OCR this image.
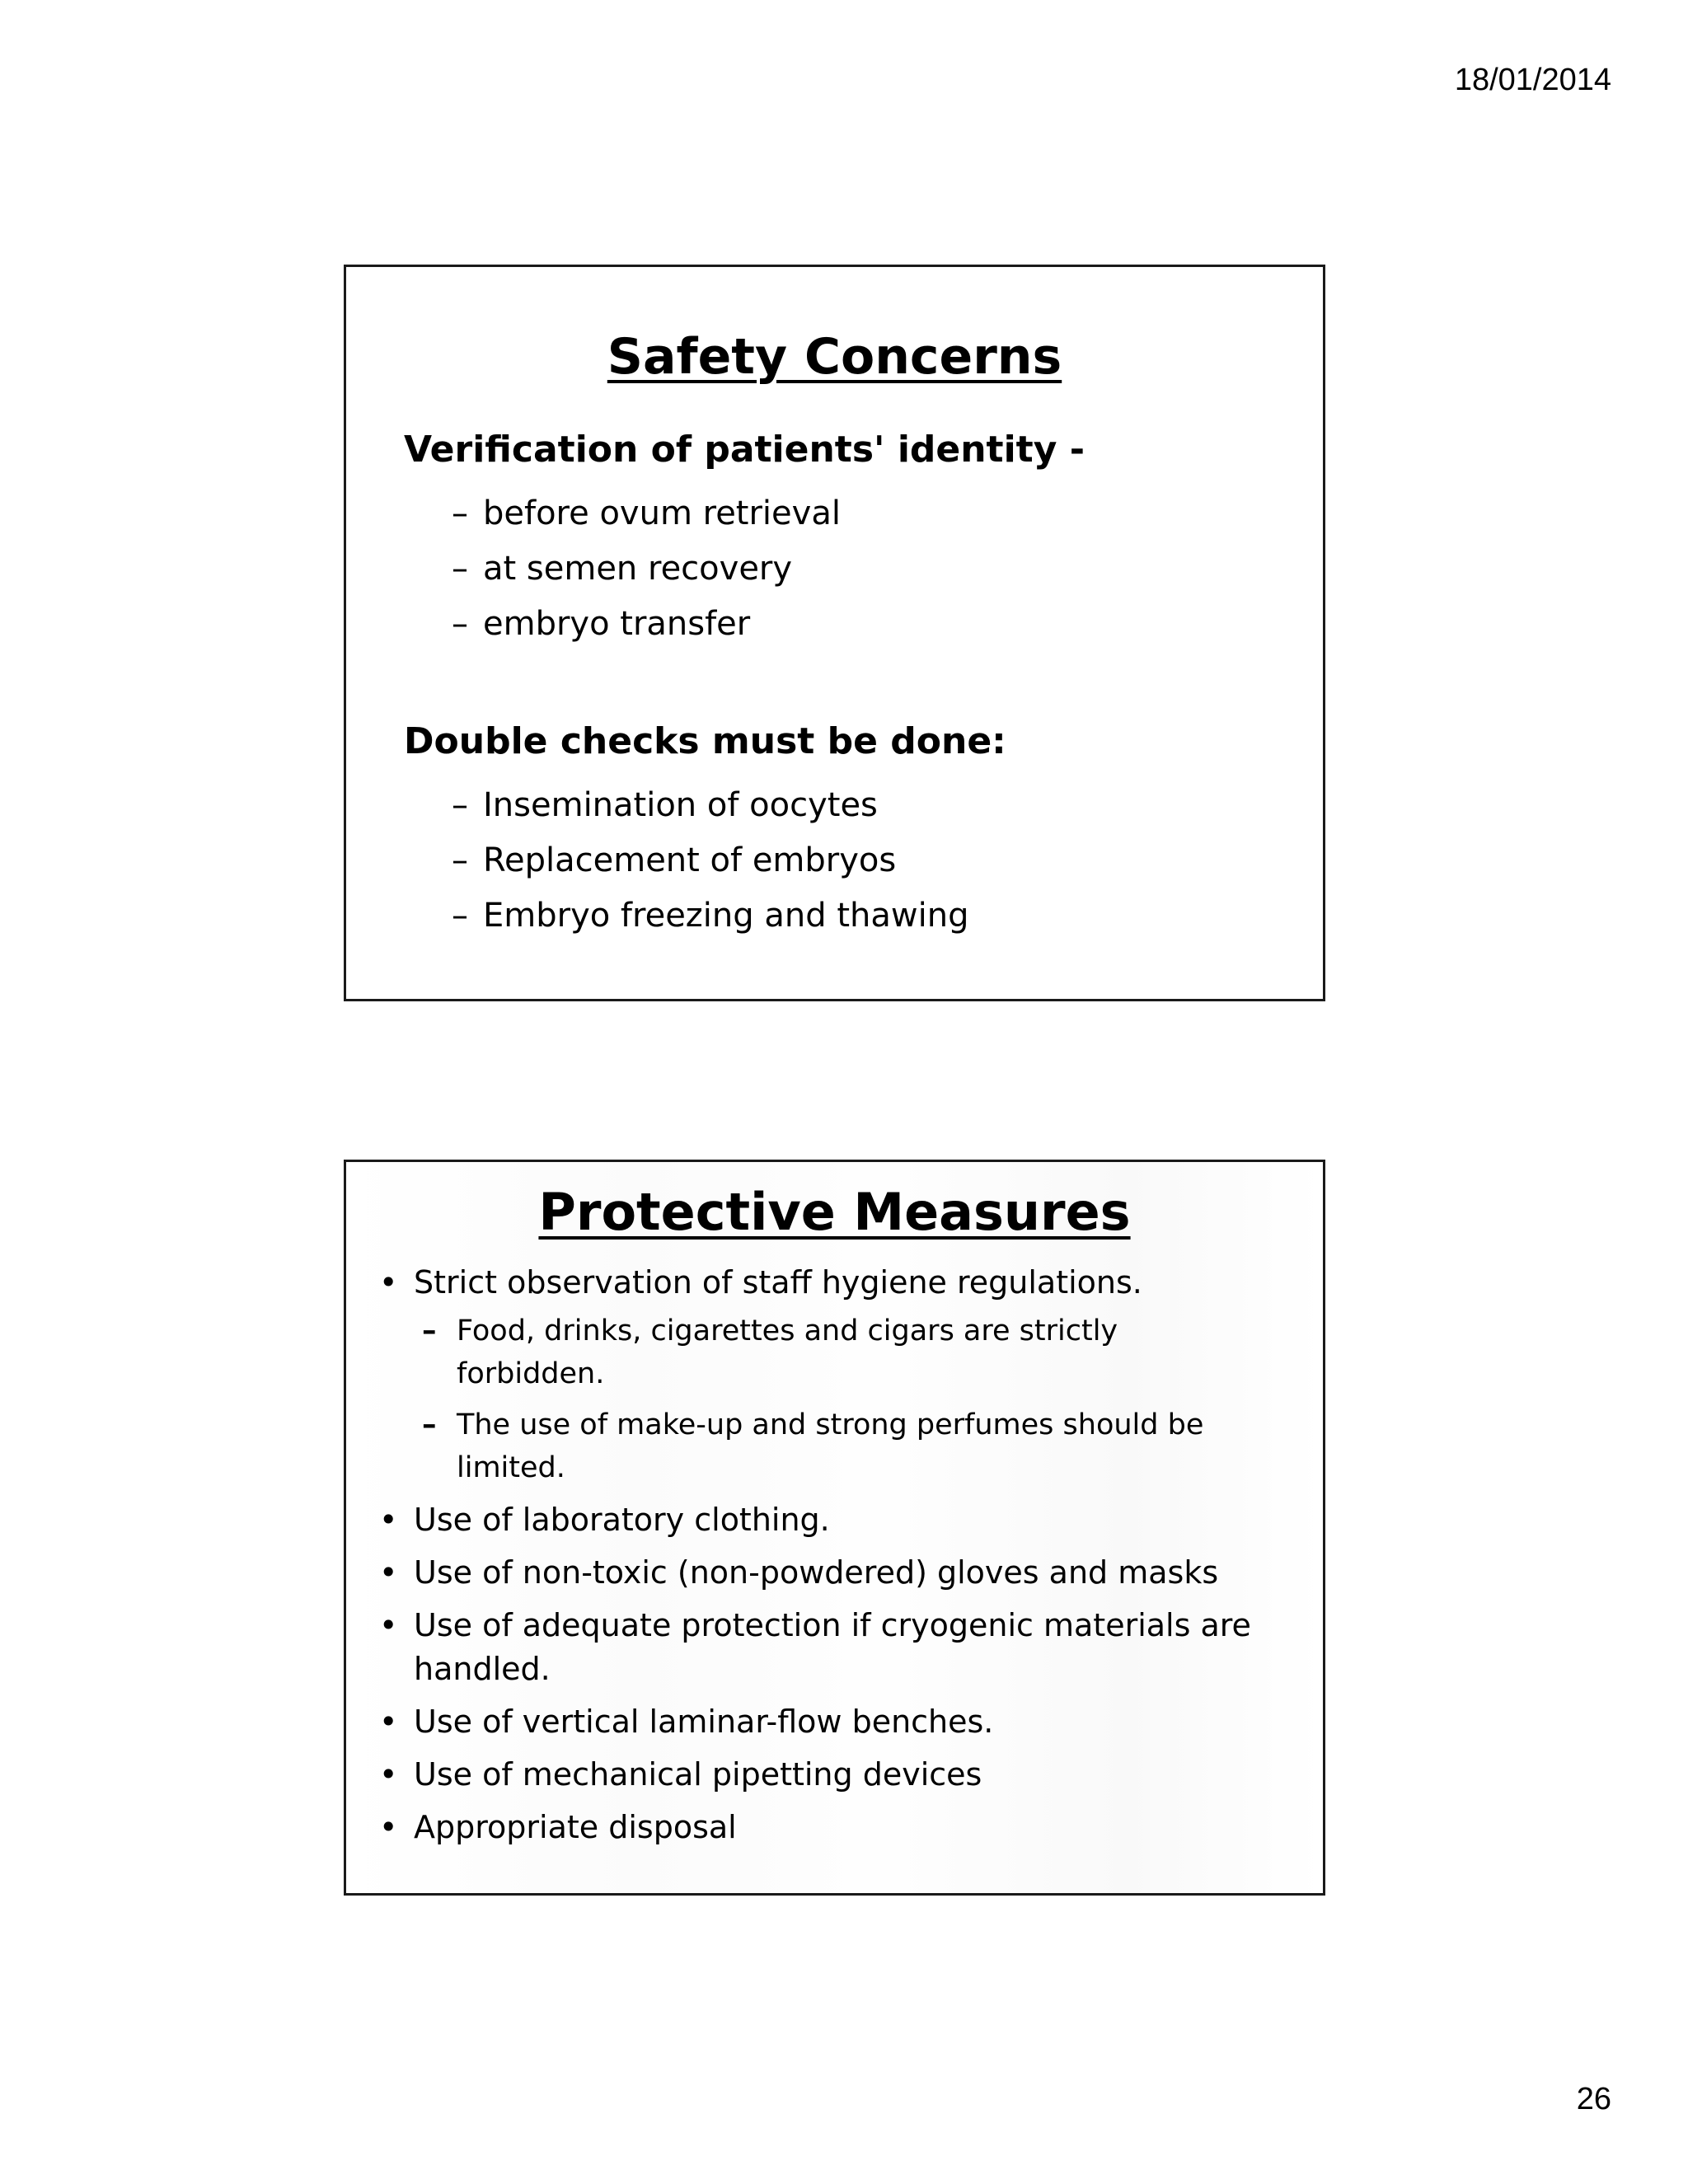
18/01/2014
Safety Concerns
Verification of patients' identity -
– before ovum retrieval
– at semen recovery
– embryo transfer
Double checks must be done:
– Insemination of oocytes
– Replacement of embryos
– Embryo freezing and thawing
Protective Measures
• Strict observation of staff hygiene regulations.
– Food, drinks, cigarettes and cigars are strictly forbidden.
– The use of make-up and strong perfumes should be limited.
• Use of laboratory clothing.
• Use of non-toxic (non-powdered) gloves and masks
• Use of adequate protection if cryogenic materials are handled.
• Use of vertical laminar-flow benches.
• Use of mechanical pipetting devices
• Appropriate disposal
26
